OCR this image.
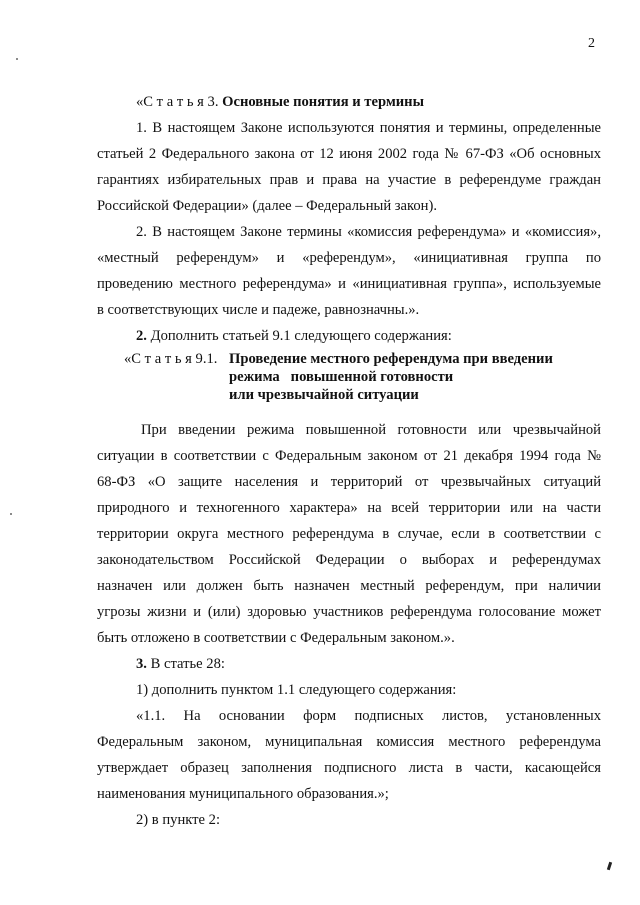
2
«С т а т ь я 3. Основные понятия и термины
1. В настоящем Законе используются понятия и термины, определенные
статьей 2 Федерального закона от 12 июня 2002 года № 67-ФЗ «Об основных
гарантиях избирательных прав и права на участие в референдуме граждан
Российской Федерации» (далее – Федеральный закон).
2. В настоящем Законе термины «комиссия референдума» и «комиссия»,
«местный референдум» и «референдум», «инициативная группа по
проведению местного референдума» и «инициативная группа», используемые
в соответствующих числе и падеже, равнозначны.».
2. Дополнить статьей 9.1 следующего содержания:
«С т а т ь я 9.1. Проведение местного референдума при введении
режима   повышенной готовности
или чрезвычайной ситуации
При введении режима повышенной готовности или чрезвычайной
ситуации в соответствии с Федеральным законом от 21 декабря 1994 года №
68-ФЗ «О защите населения и территорий от чрезвычайных ситуаций
природного и техногенного характера» на всей территории или на части
территории округа местного референдума в случае, если в соответствии с
законодательством Российской Федерации о выборах и референдумах
назначен или должен быть назначен местный референдум, при наличии
угрозы жизни и (или) здоровью участников референдума голосование может
быть отложено в соответствии с Федеральным законом.».
3. В статье 28:
1) дополнить пунктом 1.1 следующего содержания:
«1.1. На основании форм подписных листов, установленных
Федеральным законом, муниципальная комиссия местного референдума
утверждает образец заполнения подписного листа в части, касающейся
наименования муниципального образования.»;
2) в пункте 2:
